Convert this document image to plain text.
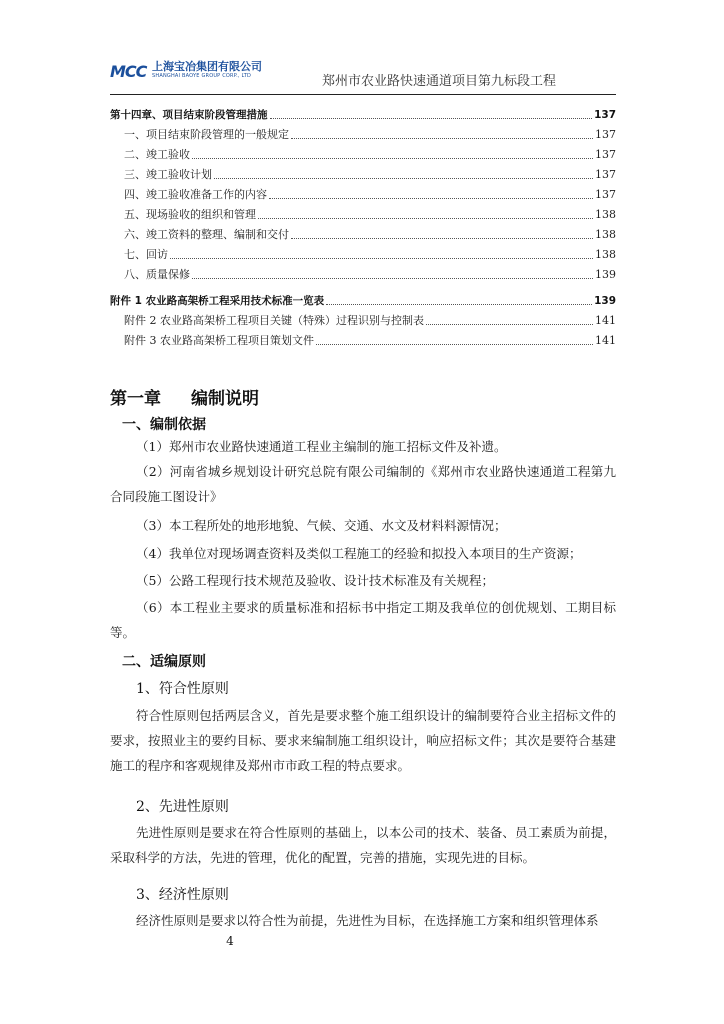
MCC 上海宝冶集团有限公司
SHANGHAI BAOYE GROUP CORP., LTD	郑州市农业路快速通道项目第九标段工程
第十四章、项目结束阶段管理措施	137
一、项目结束阶段管理的一般规定	137
二、竣工验收	137
三、竣工验收计划	137
四、竣工验收准备工作的内容	137
五、现场验收的组织和管理	138
六、竣工资料的整理、编制和交付	138
七、回访	138
八、质量保修	139
附件 1 农业路高架桥工程采用技术标准一览表	139
附件 2 农业路高架桥工程项目关键（特殊）过程识别与控制表	141
附件 3 农业路高架桥工程项目策划文件	141
第一章 编制说明
一、编制依据
（1）郑州市农业路快速通道工程业主编制的施工招标文件及补遗。
（2）河南省城乡规划设计研究总院有限公司编制的《郑州市农业路快速通道工程第九合同段施工图设计》
（3）本工程所处的地形地貌、气候、交通、水文及材料料源情况；
（4）我单位对现场调查资料及类似工程施工的经验和拟投入本项目的生产资源；
（5）公路工程现行技术规范及验收、设计技术标准及有关规程；
（6）本工程业主要求的质量标准和招标书中指定工期及我单位的创优规划、工期目标等。
二、适编原则
1、符合性原则
符合性原则包括两层含义，首先是要求整个施工组织设计的编制要符合业主招标文件的要求，按照业主的要约目标、要求来编制施工组织设计，响应招标文件；其次是要符合基建施工的程序和客观规律及郑州市市政工程的特点要求。
2、先进性原则
先进性原则是要求在符合性原则的基础上，以本公司的技术、装备、员工素质为前提，采取科学的方法，先进的管理，优化的配置，完善的措施，实现先进的目标。
3、经济性原则
经济性原则是要求以符合性为前提，先进性为目标，在选择施工方案和组织管理体系
4
